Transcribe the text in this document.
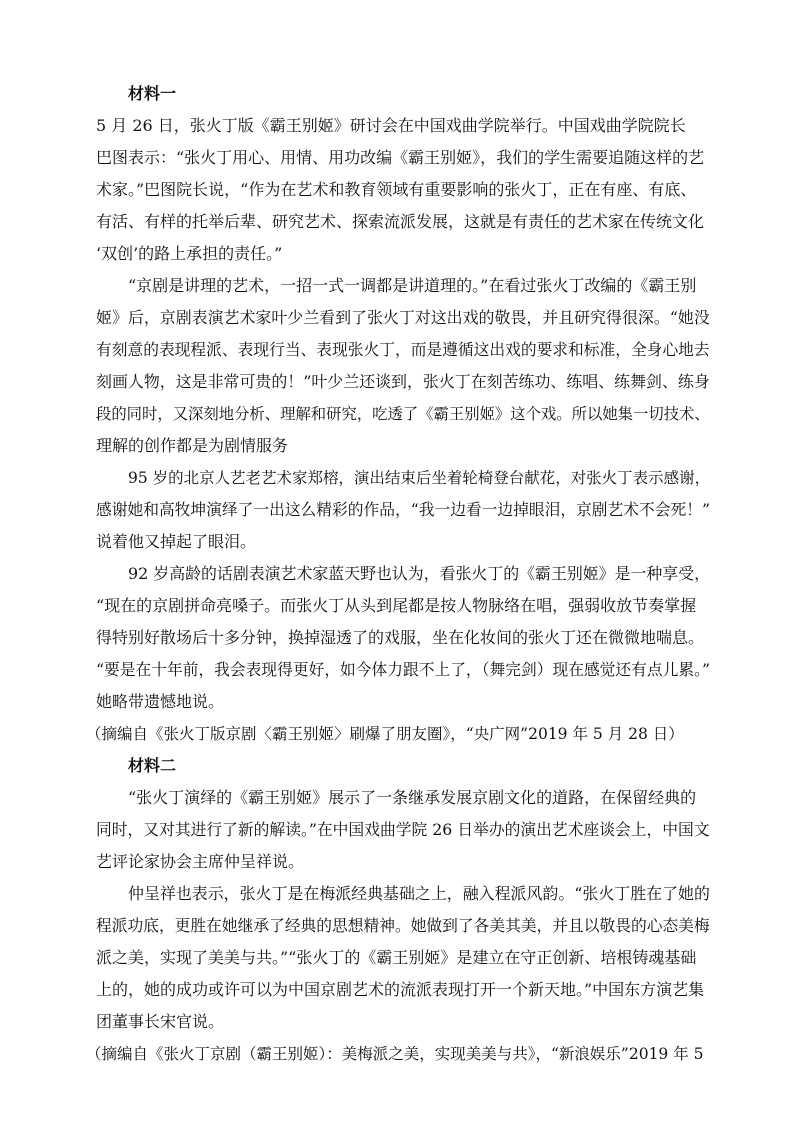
材料一
5 月 26 日，张火丁版《霸王别姬》研讨会在中国戏曲学院举行。中国戏曲学院院长
巴图表示：“张火丁用心、用情、用功改编《霸王别姬》，我们的学生需要追随这样的艺
术家。”巴图院长说，“作为在艺术和教育领域有重要影响的张火丁，正在有座、有底、
有活、有样的托举后辈、研究艺术、探索流派发展，这就是有责任的艺术家在传统文化
‘双创’的路上承担的责任。”
“京剧是讲理的艺术，一招一式一调都是讲道理的。”在看过张火丁改编的《霸王别
姬》后，京剧表演艺术家叶少兰看到了张火丁对这出戏的敬畏，并且研究得很深。“她没
有刻意的表现程派、表现行当、表现张火丁，而是遵循这出戏的要求和标准，全身心地去
刻画人物，这是非常可贵的！”叶少兰还谈到，张火丁在刻苦练功、练唱、练舞剑、练身
段的同时，又深刻地分析、理解和研究，吃透了《霸王别姬》这个戏。所以她集一切技术、
理解的创作都是为剧情服务
95 岁的北京人艺老艺术家郑榕，演出结束后坐着轮椅登台献花，对张火丁表示感谢，
感谢她和高牧坤演绎了一出这么精彩的作品，“我一边看一边掉眼泪，京剧艺术不会死！”
说着他又掉起了眼泪。
92 岁高龄的话剧表演艺术家蓝天野也认为，看张火丁的《霸王别姬》是一种享受，
“现在的京剧拼命亮嗓子。而张火丁从头到尾都是按人物脉络在唱，强弱收放节奏掌握
得特别好散场后十多分钟，换掉湿透了的戏服，坐在化妆间的张火丁还在微微地喘息。
“要是在十年前，我会表现得更好，如今体力跟不上了，（舞完剑）现在感觉还有点儿累。”
她略带遗憾地说。
（摘编自《张火丁版京剧〈霸王别姬〉刷爆了朋友圈》，“央广网”2019 年 5 月 28 日）
材料二
“张火丁演绎的《霸王别姬》展示了一条继承发展京剧文化的道路，在保留经典的
同时，又对其进行了新的解读。”在中国戏曲学院 26 日举办的演出艺术座谈会上，中国文
艺评论家协会主席仲呈祥说。
仲呈祥也表示，张火丁是在梅派经典基础之上，融入程派风韵。“张火丁胜在了她的
程派功底，更胜在她继承了经典的思想精神。她做到了各美其美，并且以敬畏的心态美梅
派之美，实现了美美与共。”“张火丁的《霸王别姬》是建立在守正创新、培根铸魂基础
上的，她的成功或许可以为中国京剧艺术的流派表现打开一个新天地。”中国东方演艺集
团董事长宋官说。
（摘编自《张火丁京剧（霸王别姬）：美梅派之美，实现美美与共》，“新浪娱乐”2019 年 5
